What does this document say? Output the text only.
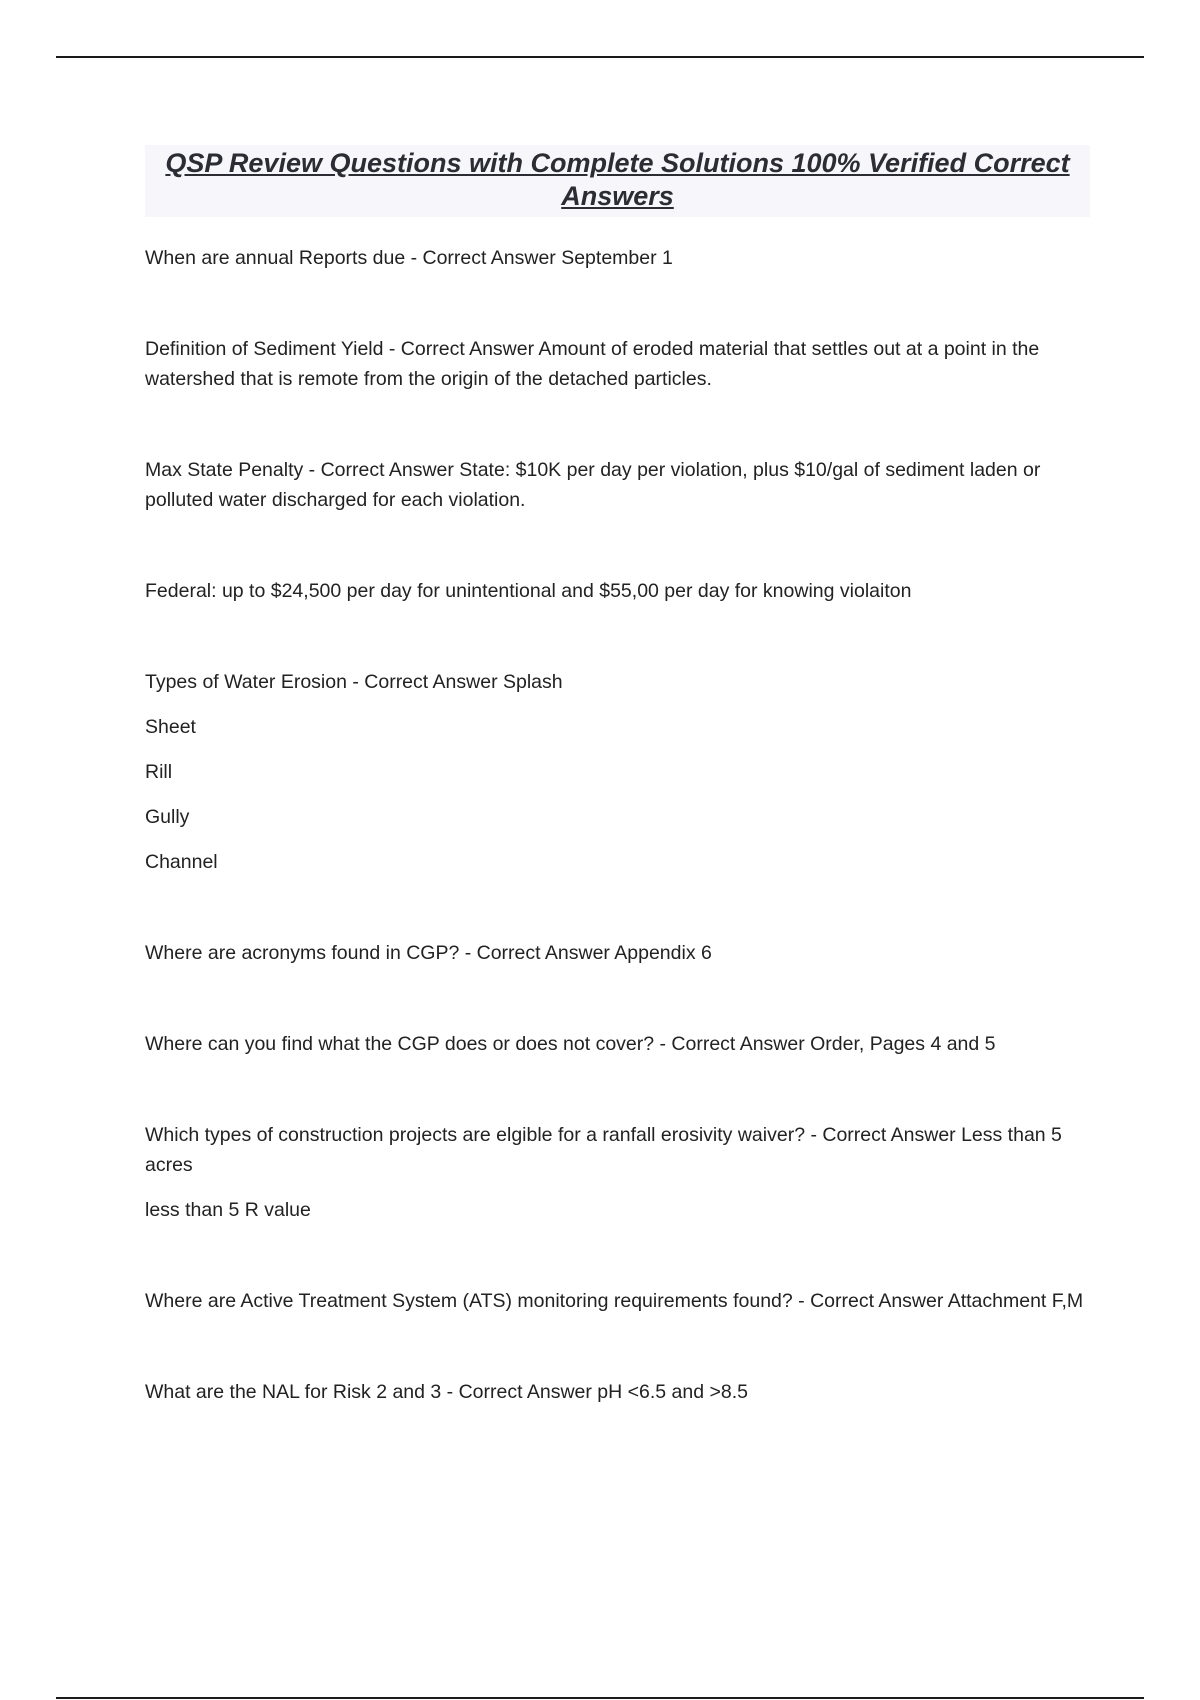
QSP Review Questions with Complete Solutions 100% Verified Correct Answers

When are annual Reports due - Correct Answer September 1

Definition of Sediment Yield - Correct Answer Amount of eroded material that settles out at a point in the watershed that is remote from the origin of the detached particles.

Max State Penalty - Correct Answer State: $10K per day per violation, plus $10/gal of sediment laden or polluted water discharged for each violation.

Federal: up to $24,500 per day for unintentional and $55,00 per day for knowing violaiton

Types of Water Erosion - Correct Answer Splash

Sheet

Rill

Gully

Channel

Where are acronyms found in CGP? - Correct Answer Appendix 6

Where can you find what the CGP does or does not cover? - Correct Answer Order, Pages 4 and 5

Which types of construction projects are elgible for a ranfall erosivity waiver? - Correct Answer Less than 5 acres

less than 5 R value

Where are Active Treatment System (ATS) monitoring requirements found? - Correct Answer Attachment F,M

What are the NAL for Risk 2 and 3 - Correct Answer pH <6.5 and >8.5
